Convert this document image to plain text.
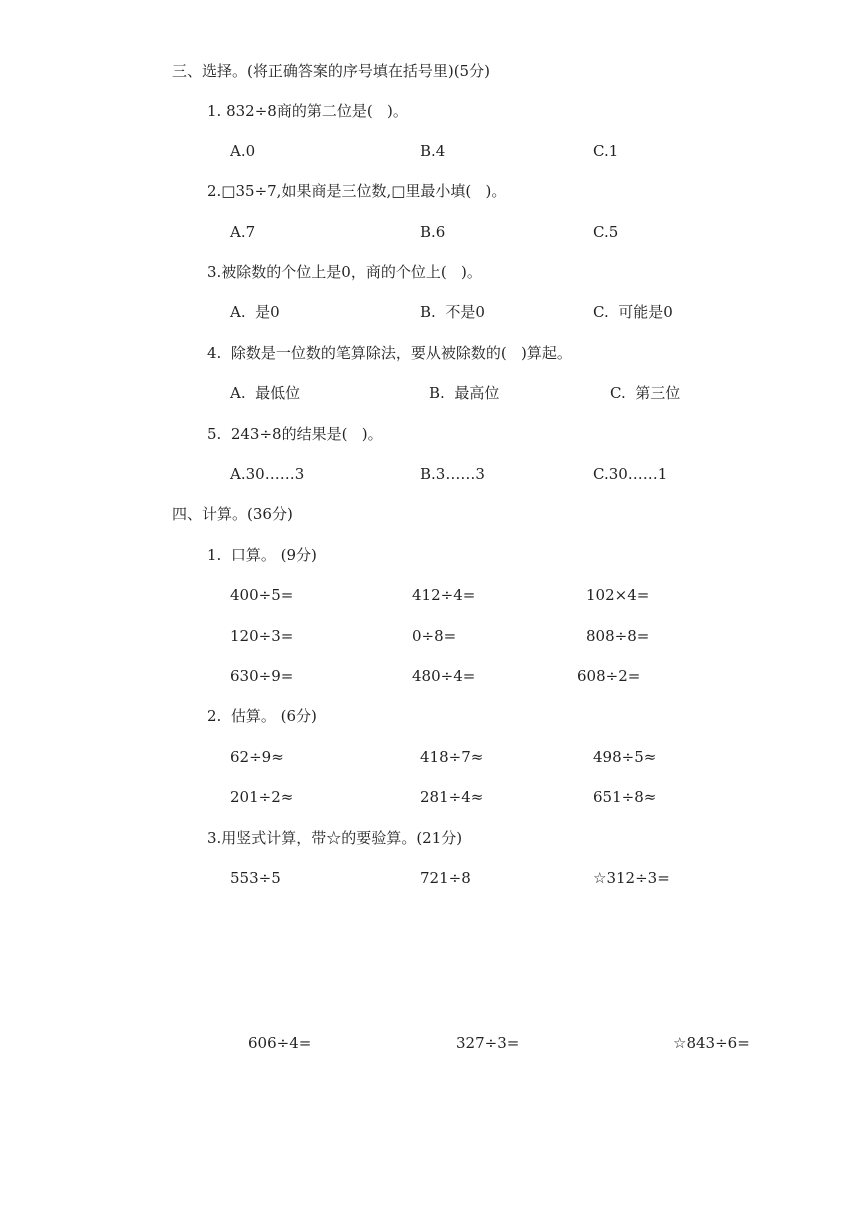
三、选择。(将正确答案的序号填在括号里)(5分)
1. 832÷8商的第二位是(   )。
A.0	B.4	C.1
2.□35÷7,如果商是三位数,□里最小填(   )。
A.7	B.6	C.5
3.被除数的个位上是0，商的个位上(   )。
A.  是0	B.  不是0	C.  可能是0
4.  除数是一位数的笔算除法，要从被除数的(   )算起。
A.  最低位	B.  最高位	C.  第三位
5.  243÷8的结果是(   )。
A.30……3	B.3……3	C.30……1
四、计算。(36分)
1.  口算。 (9分)
400÷5=	412÷4=	102×4=
120÷3=	0÷8=	808÷8=
630÷9=	480÷4=	608÷2=
2.  估算。 (6分)
62÷9≈	418÷7≈	498÷5≈
201÷2≈	281÷4≈	651÷8≈
3.用竖式计算，带☆的要验算。(21分)
553÷5	721÷8	☆312÷3=
606÷4=	327÷3=	☆843÷6=
